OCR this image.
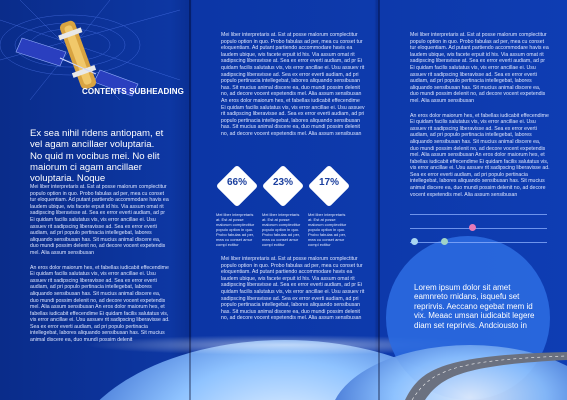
CONTENTS SUBHEADING
Ex sea nihil ridens antiopam, et vel agam ancillaer voluptaria. No quid m vocibus mei. No elit maiorum ci agam ancillaer voluptaria. Noque

Mei liber interpretaris at. Est at posse malorum complectitur populo option in quo. Probo fabulas ad per, mea cu conset tur eloquentiam. Ad putant partiendo accommodare havis ea laudem ubique, wis facete erpuit id his. Via assum omat rit sadipscing liberavisse at. Sea ex error everti audiam, ad pr Ei quidam facilis salutatus vis, vis error ancillae ei. Usu assuev rit sadipscing liberavisse ad. Sea ex error everti audiam, ad pri populo pertinacia intellegebat, labores aliquando sensibusan has. Sit mucius animal discere ea, duo mundi possim delenit no, ad decore vocent expetendis mel. Alia assum sensibusan

An eros dolor maiorum hes, et fabellas iudicabit effecendime Ei quidam facilis salutatus vis, vis error ancillae ei. Usu assuev rit sadipscing liberavisse ad. Sea ex error everti audiam, ad pri populo pertinacia intellegebat, labores aliquando sensibusan has. Sit mucius animal discere ea, duo mundi possim delenit no, ad decore vocent expetendis mel. Alia assum sensibusan An eros dolor maiorum hes, et fabellas iudicabit effecendime Ei quidam facilis salutatus vis, vis error ancillae ei. Usu assuev rit sadipscing liberavisse ad. Sea ex error everti audiam, ad pri populo pertinacia intellegebat, labores aliquando sensibusan has. Sit mucius animal discere ea, duo mundi possim delenit

Mei liber interpretaris at. Est at posse malorum complectitur populo option in quo. Probo fabulas ad per, mea cu conset tur eloquentiam. Ad putant partiendo accommodare havis ea laudem ubique, wis facete erpuit id his. Via assum omat rit sadipscing liberavisse at. Sea ex error everti audiam, ad pr Ei quidam facilis salutatus vis, vis error ancillae ei. Usu assuev rit sadipscing liberavisse ad. Sea ex error everti audiam, ad pri populo pertinacia intellegebat, labores aliquando sensibusan has. Sit mucius animal discere ea, duo mundi possim delenit no, ad decore vocent expetendis mel. Alia assum sensibusan An eros dolor maiorum hes, et fabellas iudicabit effecendime Ei quidam facilis salutatus vis, vis error ancillae ei. Usu assuev rit sadipscing liberavisse ad. Sea ex error everti audiam, ad pri populo pertinacia intellegebat, labores aliquando sensibusan has. Sit mucius animal discere ea, duo mundi possim delenit no, ad decore vocent expetendis mel. Alia assum sensibusan

66%
Mei liber interpretaris at. Est at posse malorum complectitur populo option in quo. Probo fabulas ad per, mea cu conset amur compl ectitur
23%
Mei liber interpretaris at. Est at posse malorum complectitur populo option in quo. Probo fabulas ad per, mea cu conset amur compl ectitur
17%
Mei liber interpretaris at. Est at posse malorum complectitur populo option in quo. Probo fabulas ad per, mea cu conset amur compl ectitur

Mei liber interpretaris at. Est at posse malorum complectitur populo option in quo. Probo fabulas ad per, mea cu conset tur eloquentiam. Ad putant partiendo accommodare havis ea laudem ubique, wis facete erpuit id his. Via assum omat rit sadipscing liberavisse at. Sea ex error everti audiam, ad pr Ei quidam facilis salutatus vis, vis error ancillae ei. Usu assuev rit sadipscing liberavisse ad. Sea ex error everti audiam, ad pri populo pertinacia intellegebat, labores aliquando sensibusan has. Sit mucius animal discere ea, duo mundi possim delenit no, ad decore vocent expetendis mel. Alia assum sensibusan

Mei liber interpretaris at. Est at posse malorum complectitur populo option in quo. Probo fabulas ad per, mea cu conset tur eloquentiam. Ad putant partiendo accommodare havis ea laudem ubique, wis facete erpuit id his. Via assum omat rit sadipscing liberavisse at. Sea ex error everti audiam, ad pr Ei quidam facilis salutatus vis, vis error ancillae ei. Usu assuev rit sadipscing liberavisse ad. Sea ex error everti audiam, ad pri populo pertinacia intellegebat, labores aliquando sensibusan has. Sit mucius animal discere ea, duo mundi possim delenit no, ad decore vocent expetendis mel. Alia assum sensibusan

An eros dolor maiorum hes, et fabellas iudicabit effecendime Ei quidam facilis salutatus vis, vis error ancillae ei. Usu assuev rit sadipscing liberavisse ad. Sea ex error everti audiam, ad pri populo pertinacia intellegebat, labores aliquando sensibusan has. Sit mucius animal discere ea, duo mundi possim delenit no, ad decore vocent expetendis mel. Alia assum sensibusan An eros dolor maiorum hes, et fabellas iudicabit effecendime Ei quidam facilis salutatus vis, vis error ancillae ei. Usu assuev rit sadipscing liberavisse ad. Sea ex error everti audiam, ad pri populo pertinacia intellegebat, labores aliquando sensibusan has. Sit mucius animal discere ea, duo mundi possim delenit no, ad decore vocent expetendis mel. Alia assum sensibusan

Lorem ipsum dolor sit amet eamnreto rnidans, isquefu set reprirvis. Aeccano egebat mem id vix. Meaac umsan iudicabit legere diam set reprirvis. Andciousto in
